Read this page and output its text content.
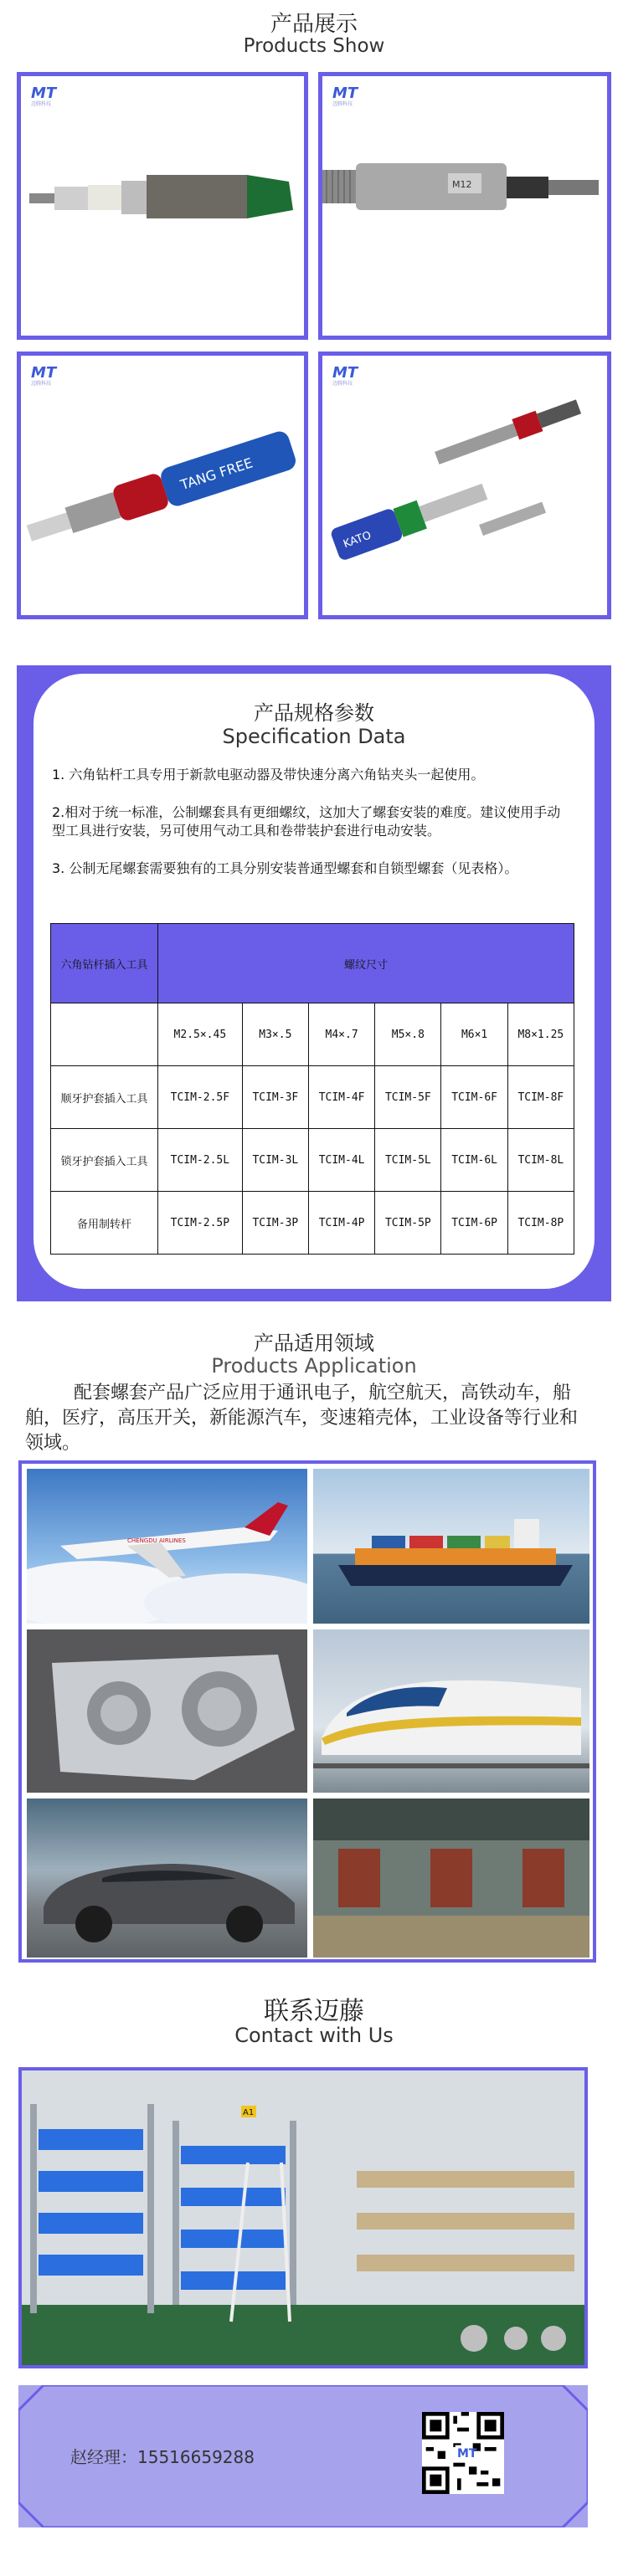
产品展示
Products Show
MT
迈腾科技
MT
迈腾科技
M12
MT
迈腾科技
TANG FREE
MT
迈腾科技
KATO
产品规格参数
Specification Data
1. 六角钻杆工具专用于新款电驱动器及带快速分离六角钻夹头一起使用。
2.相对于统一标准，公制螺套具有更细螺纹，这加大了螺套安装的难度。建议使用手动型工具进行安装，另可使用气动工具和卷带装护套进行电动安装。
3. 公制无尾螺套需要独有的工具分别安装普通型螺套和自锁型螺套（见表格）。
六角钻杆插入工具	螺纹尺寸					
	M2.5×.45	M3×.5	M4×.7	M5×.8	M6×1	M8×1.25
顺牙护套插入工具	TCIM-2.5F	TCIM-3F	TCIM-4F	TCIM-5F	TCIM-6F	TCIM-8F
锁牙护套插入工具	TCIM-2.5L	TCIM-3L	TCIM-4L	TCIM-5L	TCIM-6L	TCIM-8L
备用制转杆	TCIM-2.5P	TCIM-3P	TCIM-4P	TCIM-5P	TCIM-6P	TCIM-8P
产品适用领域
Products Application
配套螺套产品广泛应用于通讯电子，航空航天，高铁动车，船舶，医疗，高压开关，新能源汽车，变速箱壳体，工业设备等行业和领域。
CHENGDU AIRLINES
联系迈藤
Contact with Us
A1
赵经理：15516659288	MT
